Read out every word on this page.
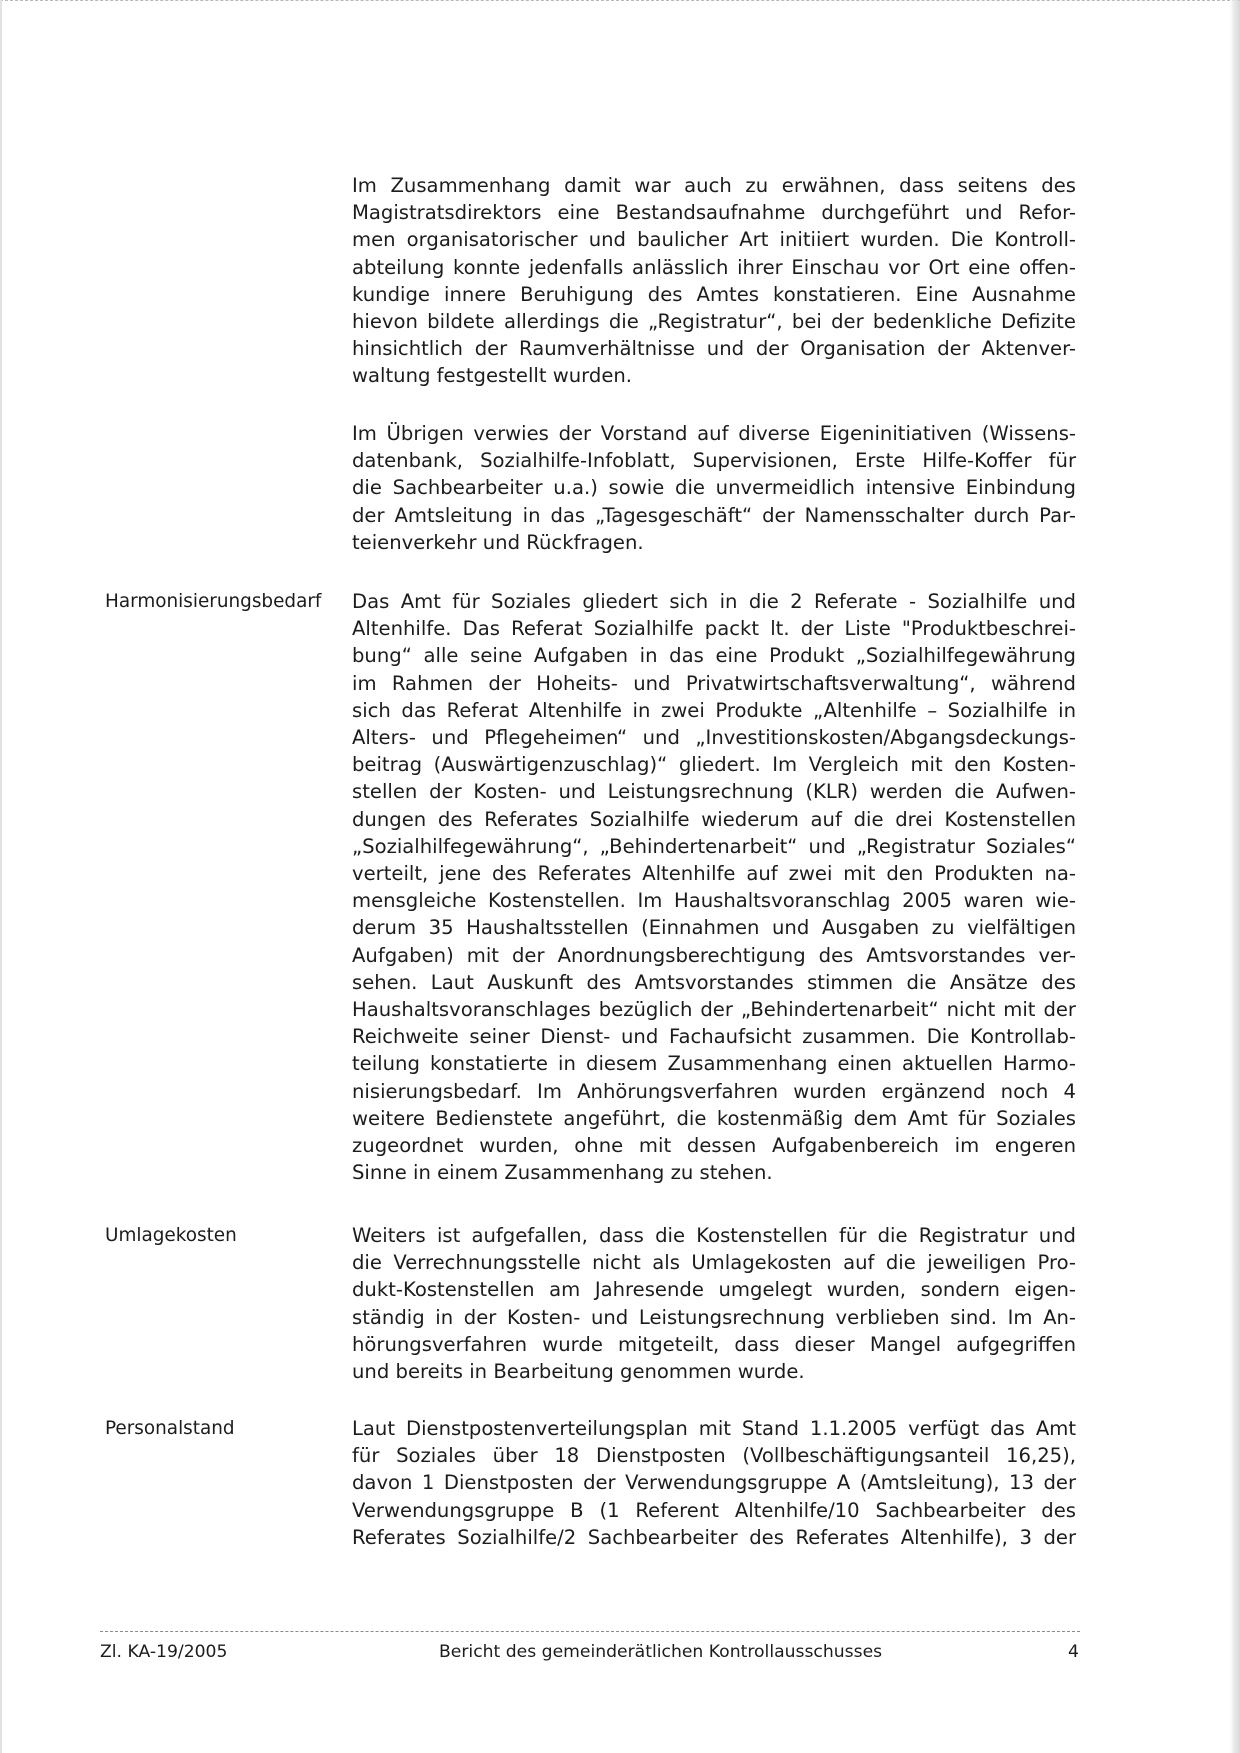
Im Zusammenhang damit war auch zu erwähnen, dass seitens des
Magistratsdirektors eine Bestandsaufnahme durchgeführt und Refor-
men organisatorischer und baulicher Art initiiert wurden. Die Kontroll-
abteilung konnte jedenfalls anlässlich ihrer Einschau vor Ort eine offen-
kundige innere Beruhigung des Amtes konstatieren. Eine Ausnahme
hievon bildete allerdings die „Registratur“, bei der bedenkliche Defizite
hinsichtlich der Raumverhältnisse und der Organisation der Aktenver-
waltung festgestellt wurden.
Im Übrigen verwies der Vorstand auf diverse Eigeninitiativen (Wissens-
datenbank, Sozialhilfe-Infoblatt, Supervisionen, Erste Hilfe-Koffer für
die Sachbearbeiter u.a.) sowie die unvermeidlich intensive Einbindung
der Amtsleitung in das „Tagesgeschäft“ der Namensschalter durch Par-
teienverkehr und Rückfragen.
Harmonisierungsbedarf Das Amt für Soziales gliedert sich in die 2 Referate - Sozialhilfe und
Altenhilfe. Das Referat Sozialhilfe packt lt. der Liste "Produktbeschrei-
bung“ alle seine Aufgaben in das eine Produkt „Sozialhilfegewährung
im Rahmen der Hoheits- und Privatwirtschaftsverwaltung“, während
sich das Referat Altenhilfe in zwei Produkte „Altenhilfe – Sozialhilfe in
Alters- und Pflegeheimen“ und „Investitionskosten/Abgangsdeckungs-
beitrag (Auswärtigenzuschlag)“ gliedert. Im Vergleich mit den Kosten-
stellen der Kosten- und Leistungsrechnung (KLR) werden die Aufwen-
dungen des Referates Sozialhilfe wiederum auf die drei Kostenstellen
„Sozialhilfegewährung“, „Behindertenarbeit“ und „Registratur Soziales“
verteilt, jene des Referates Altenhilfe auf zwei mit den Produkten na-
mensgleiche Kostenstellen. Im Haushaltsvoranschlag 2005 waren wie-
derum 35 Haushaltsstellen (Einnahmen und Ausgaben zu vielfältigen
Aufgaben) mit der Anordnungsberechtigung des Amtsvorstandes ver-
sehen. Laut Auskunft des Amtsvorstandes stimmen die Ansätze des
Haushaltsvoranschlages bezüglich der „Behindertenarbeit“ nicht mit der
Reichweite seiner Dienst- und Fachaufsicht zusammen. Die Kontrollab-
teilung konstatierte in diesem Zusammenhang einen aktuellen Harmo-
nisierungsbedarf. Im Anhörungsverfahren wurden ergänzend noch 4
weitere Bedienstete angeführt, die kostenmäßig dem Amt für Soziales
zugeordnet wurden, ohne mit dessen Aufgabenbereich im engeren
Sinne in einem Zusammenhang zu stehen.
Umlagekosten	Weiters ist aufgefallen, dass die Kostenstellen für die Registratur und
die Verrechnungsstelle nicht als Umlagekosten auf die jeweiligen Pro-
dukt-Kostenstellen am Jahresende umgelegt wurden, sondern eigen-
ständig in der Kosten- und Leistungsrechnung verblieben sind. Im An-
hörungsverfahren wurde mitgeteilt, dass dieser Mangel aufgegriffen
und bereits in Bearbeitung genommen wurde.
Personalstand	Laut Dienstpostenverteilungsplan mit Stand 1.1.2005 verfügt das Amt
für Soziales über 18 Dienstposten (Vollbeschäftigungsanteil 16,25),
davon 1 Dienstposten der Verwendungsgruppe A (Amtsleitung), 13 der
Verwendungsgruppe B (1 Referent Altenhilfe/10 Sachbearbeiter des
Referates Sozialhilfe/2 Sachbearbeiter des Referates Altenhilfe), 3 der
Zl. KA-19/2005	Bericht des gemeinderätlichen Kontrollausschusses	4
